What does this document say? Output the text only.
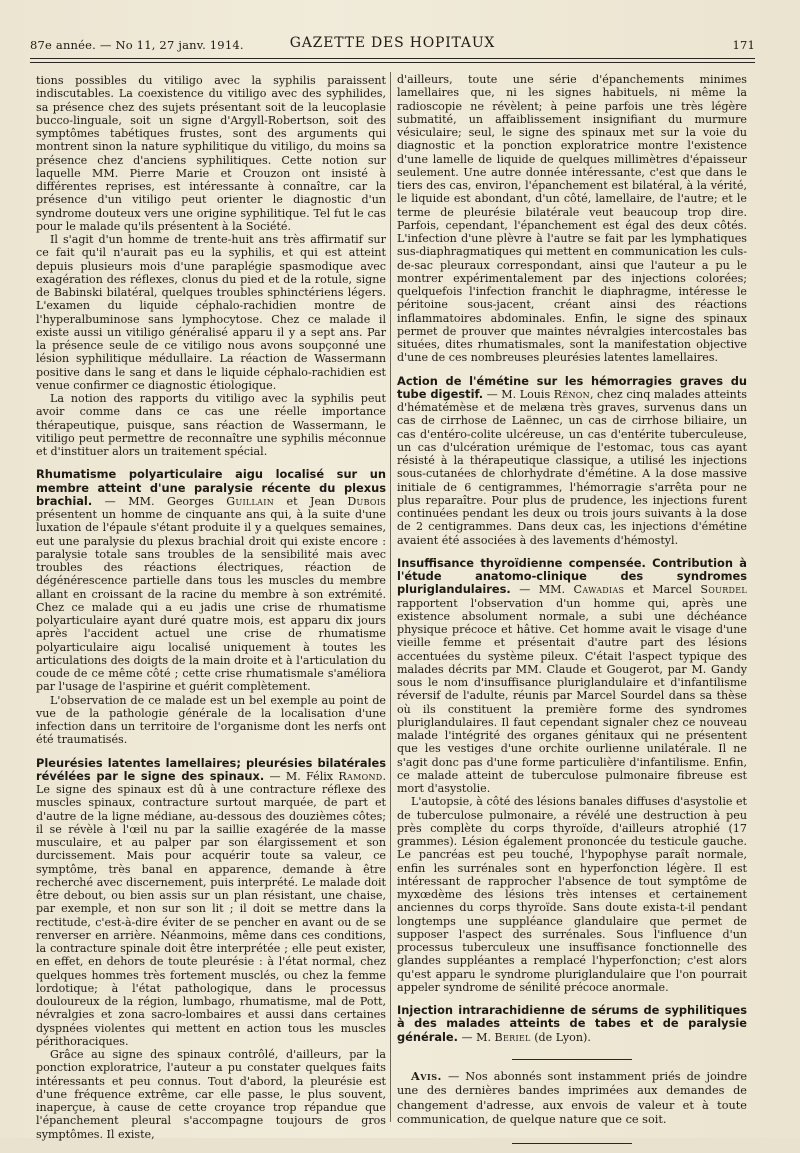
87e année. — No 11, 27 janv. 1914.	GAZETTE DES HOPITAUX	171

tions possibles du vitiligo avec la syphilis paraissent indiscutables. La coexistence du vitiligo avec des syphilides, sa présence chez des sujets présentant soit de la leucoplasie bucco-linguale, soit un signe d'Argyll-Robertson, soit des symptômes tabétiques frustes, sont des arguments qui montrent sinon la nature syphilitique du vitiligo, du moins sa présence chez d'anciens syphilitiques. Cette notion sur laquelle MM. Pierre Marie et Crouzon ont insisté à différentes reprises, est intéressante à connaître, car la présence d'un vitiligo peut orienter le diagnostic d'un syndrome douteux vers une origine syphilitique. Tel fut le cas pour le malade qu'ils présentent à la Société.

Il s'agit d'un homme de trente-huit ans très affirmatif sur ce fait qu'il n'aurait pas eu la syphilis, et qui est atteint depuis plusieurs mois d'une paraplégie spasmodique avec exagération des réflexes, clonus du pied et de la rotule, signe de Babinski bilatéral, quelques troubles sphinctériens légers. L'examen du liquide céphalo-rachidien montre de l'hyperalbuminose sans lymphocytose. Chez ce malade il existe aussi un vitiligo généralisé apparu il y a sept ans. Par la présence seule de ce vitiligo nous avons soupçonné une lésion syphilitique médullaire. La réaction de Wassermann positive dans le sang et dans le liquide céphalo-rachidien est venue confirmer ce diagnostic étiologique.

La notion des rapports du vitiligo avec la syphilis peut avoir comme dans ce cas une réelle importance thérapeutique, puisque, sans réaction de Wassermann, le vitiligo peut permettre de reconnaître une syphilis méconnue et d'instituer alors un traitement spécial.

Rhumatisme polyarticulaire aigu localisé sur un membre atteint d'une paralysie récente du plexus brachial. — MM. Georges Guillain et Jean Dubois présentent un homme de cinquante ans qui, à la suite d'une luxation de l'épaule s'étant produite il y a quelques semaines, eut une paralysie du plexus brachial droit qui existe encore : paralysie totale sans troubles de la sensibilité mais avec troubles des réactions électriques, réaction de dégénérescence partielle dans tous les muscles du membre allant en croissant de la racine du membre à son extrémité. Chez ce malade qui a eu jadis une crise de rhumatisme polyarticulaire ayant duré quatre mois, est apparu dix jours après l'accident actuel une crise de rhumatisme polyarticulaire aigu localisé uniquement à toutes les articulations des doigts de la main droite et à l'articulation du coude de ce même côté ; cette crise rhumatismale s'améliora par l'usage de l'aspirine et guérit complètement.

L'observation de ce malade est un bel exemple au point de vue de la pathologie générale de la localisation d'une infection dans un territoire de l'organisme dont les nerfs ont été traumatisés.

Pleurésies latentes lamellaires; pleurésies bilatérales révélées par le signe des spinaux. — M. Félix Ramond. Le signe des spinaux est dû à une contracture réflexe des muscles spinaux, contracture surtout marquée, de part et d'autre de la ligne médiane, au-dessous des douzièmes côtes; il se révèle à l'œil nu par la saillie exagérée de la masse musculaire, et au palper par son élargissement et son durcissement. Mais pour acquérir toute sa valeur, ce symptôme, très banal en apparence, demande à être recherché avec discernement, puis interprété. Le malade doit être debout, ou bien assis sur un plan résistant, une chaise, par exemple, et non sur son lit ; il doit se mettre dans la rectitude, c'est-à-dire éviter de se pencher en avant ou de se renverser en arrière. Néanmoins, même dans ces conditions, la contracture spinale doit être interprétée ; elle peut exister, en effet, en dehors de toute pleurésie : à l'état normal, chez quelques hommes très fortement musclés, ou chez la femme lordotique; à l'état pathologique, dans le processus douloureux de la région, lumbago, rhumatisme, mal de Pott, névralgies et zona sacro-lombaires et aussi dans certaines dyspnées violentes qui mettent en action tous les muscles périthoraciques.

Grâce au signe des spinaux contrôlé, d'ailleurs, par la ponction exploratrice, l'auteur a pu constater quelques faits intéressants et peu connus. Tout d'abord, la pleurésie est d'une fréquence extrême, car elle passe, le plus souvent, inaperçue, à cause de cette croyance trop répandue que l'épanchement pleural s'accompagne toujours de gros symptômes. Il existe,

d'ailleurs, toute une série d'épanchements minimes lamellaires que, ni les signes habituels, ni même la radioscopie ne révèlent; à peine parfois une très légère submatité, un affaiblissement insignifiant du murmure vésiculaire; seul, le signe des spinaux met sur la voie du diagnostic et la ponction exploratrice montre l'existence d'une lamelle de liquide de quelques millimètres d'épaisseur seulement. Une autre donnée intéressante, c'est que dans le tiers des cas, environ, l'épanchement est bilatéral, à la vérité, le liquide est abondant, d'un côté, lamellaire, de l'autre; et le terme de pleurésie bilatérale veut beaucoup trop dire. Parfois, cependant, l'épanchement est égal des deux côtés. L'infection d'une plèvre à l'autre se fait par les lymphatiques sus-diaphragmatiques qui mettent en communication les culs-de-sac pleuraux correspondant, ainsi que l'auteur a pu le montrer expérimentalement par des injections colorées; quelquefois l'infection franchit le diaphragme, intéresse le péritoine sous-jacent, créant ainsi des réactions inflammatoires abdominales. Enfin, le signe des spinaux permet de prouver que maintes névralgies intercostales bas situées, dites rhumatismales, sont la manifestation objective d'une de ces nombreuses pleurésies latentes lamellaires.

Action de l'émétine sur les hémorragies graves du tube digestif. — M. Louis Rénon, chez cinq malades atteints d'hématémèse et de melæna très graves, survenus dans un cas de cirrhose de Laënnec, un cas de cirrhose biliaire, un cas d'entéro-colite ulcéreuse, un cas d'entérite tuberculeuse, un cas d'ulcération urémique de l'estomac, tous cas ayant résisté à la thérapeutique classique, a utilisé les injections sous-cutanées de chlorhydrate d'émétine. A la dose massive initiale de 6 centigrammes, l'hémorragie s'arrêta pour ne plus reparaître. Pour plus de prudence, les injections furent continuées pendant les deux ou trois jours suivants à la dose de 2 centigrammes. Dans deux cas, les injections d'émétine avaient été associées à des lavements d'hémostyl.

Insuffisance thyroïdienne compensée. Contribution à l'étude anatomo-clinique des syndromes pluriglandulaires. — MM. Cawadias et Marcel Sourdel rapportent l'observation d'un homme qui, après une existence absolument normale, a subi une déchéance physique précoce et hâtive. Cet homme avait le visage d'une vieille femme et présentait d'autre part des lésions accentuées du système pileux. C'était l'aspect typique des malades décrits par MM. Claude et Gougerot, par M. Gandy sous le nom d'insuffisance pluriglandulaire et d'infantilisme réversif de l'adulte, réunis par Marcel Sourdel dans sa thèse où ils constituent la première forme des syndromes pluriglandulaires. Il faut cependant signaler chez ce nouveau malade l'intégrité des organes génitaux qui ne présentent que les vestiges d'une orchite ourlienne unilatérale. Il ne s'agit donc pas d'une forme particulière d'infantilisme. Enfin, ce malade atteint de tuberculose pulmonaire fibreuse est mort d'asystolie.

L'autopsie, à côté des lésions banales diffuses d'asystolie et de tuberculose pulmonaire, a révélé une destruction à peu près complète du corps thyroïde, d'ailleurs atrophié (17 grammes). Lésion également prononcée du testicule gauche. Le pancréas est peu touché, l'hypophyse paraît normale, enfin les surrénales sont en hyperfonction légère. Il est intéressant de rapprocher l'absence de tout symptôme de myxœdème des lésions très intenses et certainement anciennes du corps thyroïde. Sans doute exista-t-il pendant longtemps une suppléance glandulaire que permet de supposer l'aspect des surrénales. Sous l'influence d'un processus tuberculeux une insuffisance fonctionnelle des glandes suppléantes a remplacé l'hyperfonction; c'est alors qu'est apparu le syndrome pluriglandulaire que l'on pourrait appeler syndrome de sénilité précoce anormale.

Injection intrarachidienne de sérums de syphilitiques à des malades atteints de tabes et de paralysie générale. — M. Beriel (de Lyon).

Avis. — Nos abonnés sont instamment priés de joindre une des dernières bandes imprimées aux demandes de changement d'adresse, aux envois de valeur et à toute communication, de quelque nature que ce soit.
